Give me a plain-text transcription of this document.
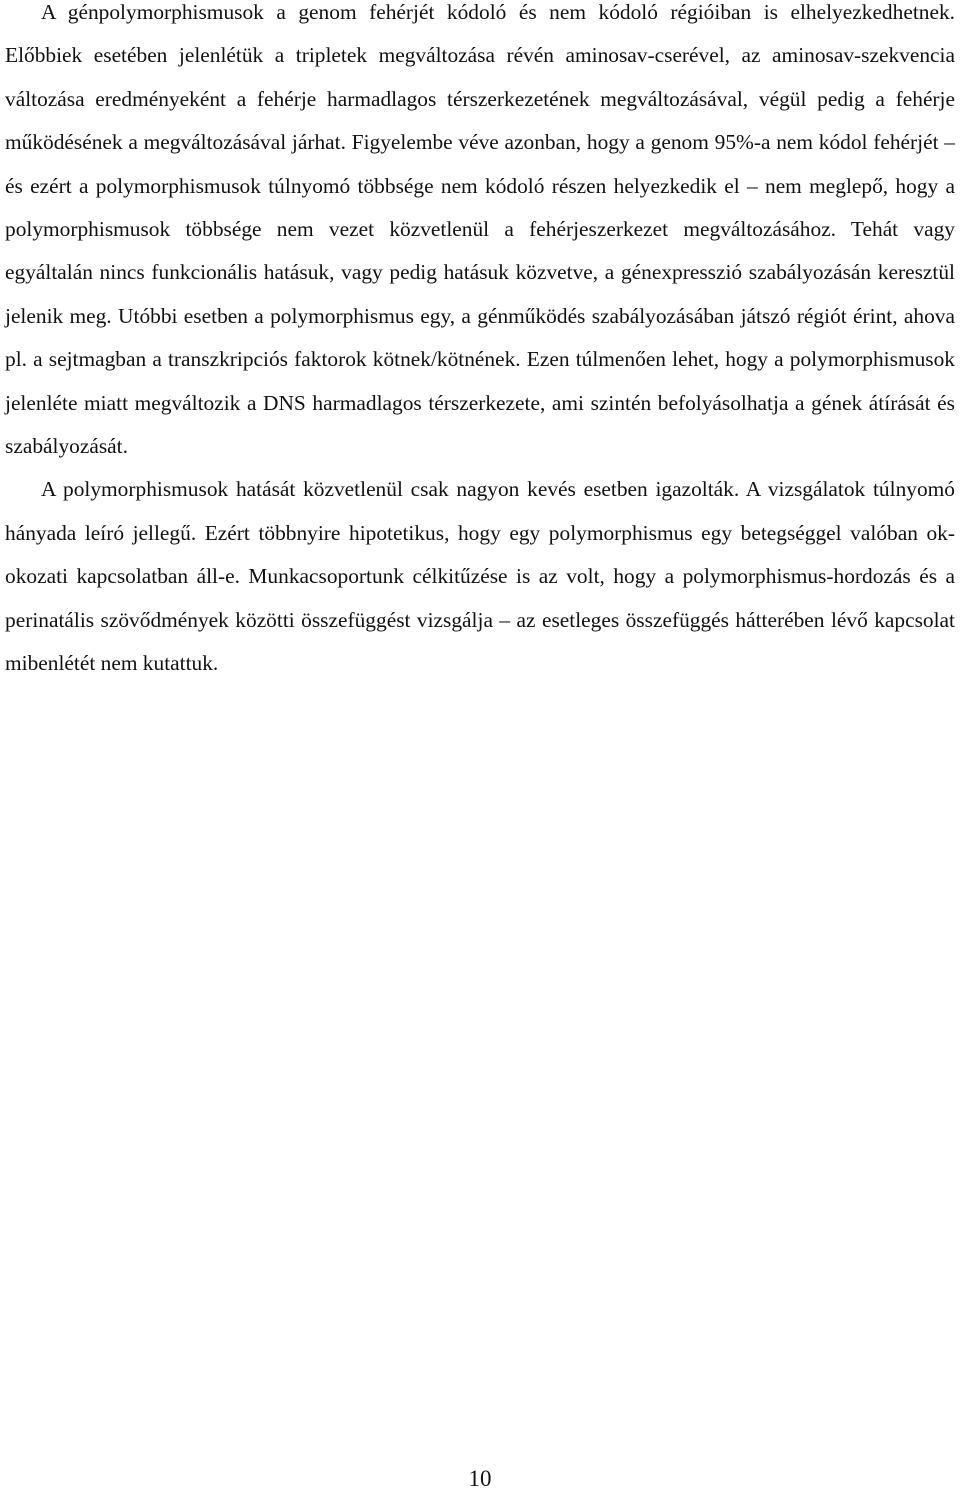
A génpolymorphismusok a genom fehérjét kódoló és nem kódoló régióiban is elhelyezkedhetnek. Előbbiek esetében jelenlétük a tripletek megváltozása révén aminosav-cserével, az aminosav-szekvencia változása eredményeként a fehérje harmadlagos térszerkezetének megváltozásával, végül pedig a fehérje működésének a megváltozásával járhat. Figyelembe véve azonban, hogy a genom 95%-a nem kódol fehérjét – és ezért a polymorphismusok túlnyomó többsége nem kódoló részen helyezkedik el – nem meglepő, hogy a polymorphismusok többsége nem vezet közvetlenül a fehérjeszerkezet megváltozásához. Tehát vagy egyáltalán nincs funkcionális hatásuk, vagy pedig hatásuk közvetve, a génexpresszió szabályozásán keresztül jelenik meg. Utóbbi esetben a polymorphismus egy, a génműködés szabályozásában játszó régiót érint, ahova pl. a sejtmagban a transzkripciós faktorok kötnek/kötnének. Ezen túlmenően lehet, hogy a polymorphismusok jelenléte miatt megváltozik a DNS harmadlagos térszerkezete, ami szintén befolyásolhatja a gének átírását és szabályozását.

A polymorphismusok hatását közvetlenül csak nagyon kevés esetben igazolták. A vizsgálatok túlnyomó hányada leíró jellegű. Ezért többnyire hipotetikus, hogy egy polymorphismus egy betegséggel valóban ok-okozati kapcsolatban áll-e. Munkacsoportunk célkitűzése is az volt, hogy a polymorphismus-hordozás és a perinatális szövődmények közötti összefüggést vizsgálja – az esetleges összefüggés hátterében lévő kapcsolat mibenlétét nem kutattuk.

10
